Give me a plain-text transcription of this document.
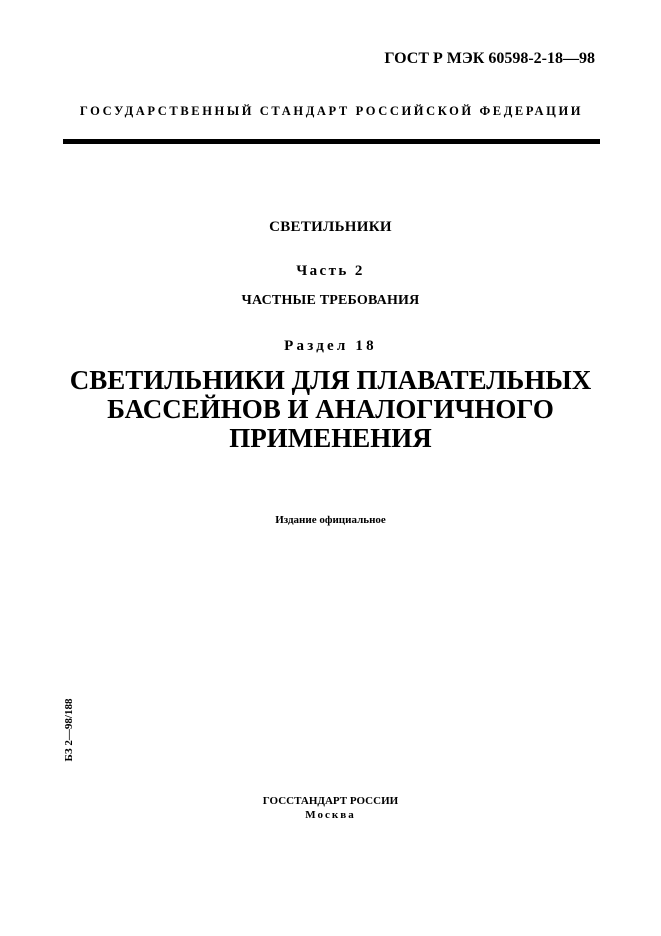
ГОСТ Р МЭК 60598-2-18—98
ГОСУДАРСТВЕННЫЙ СТАНДАРТ РОССИЙСКОЙ ФЕДЕРАЦИИ
СВЕТИЛЬНИКИ
Часть 2
ЧАСТНЫЕ ТРЕБОВАНИЯ
Раздел 18
СВЕТИЛЬНИКИ ДЛЯ ПЛАВАТЕЛЬНЫХ
БАССЕЙНОВ И АНАЛОГИЧНОГО
ПРИМЕНЕНИЯ
Издание официальное
БЗ 2—98/188
ГОССТАНДАРТ РОССИИ
Москва
